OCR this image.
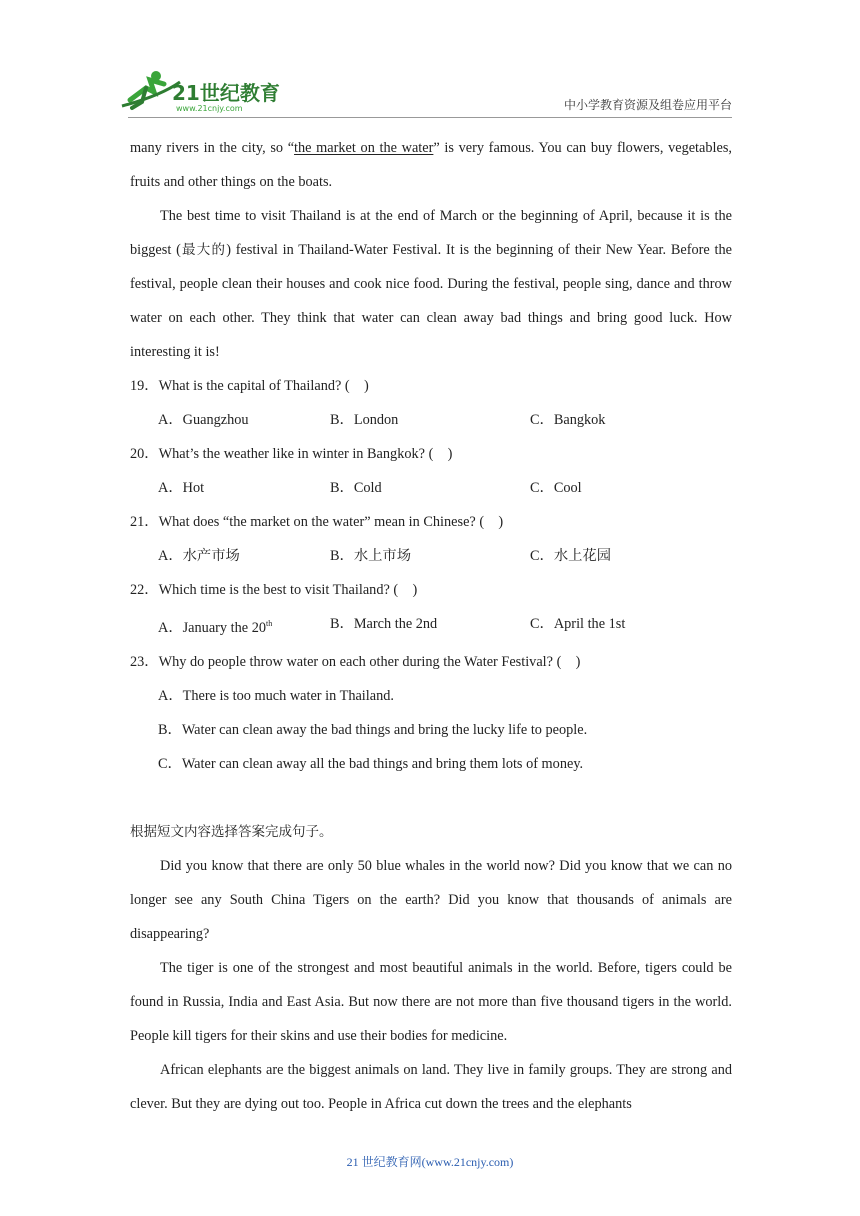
21世纪教育
www.21cnjy.com	中小学教育资源及组卷应用平台

many rivers in the city, so “the market on the water” is very famous. You can buy flowers, vegetables, fruits and other things on the boats.

The best time to visit Thailand is at the end of March or the beginning of April, because it is the biggest (最大的) festival in Thailand-Water Festival. It is the beginning of their New Year. Before the festival, people clean their houses and cook nice food. During the festival, people sing, dance and throw water on each other. They think that water can clean away bad things and bring good luck. How interesting it is!

19．What is the capital of Thailand? (　)

A．Guangzhou	B．London	C．Bangkok

20．What’s the weather like in winter in Bangkok? (　)

A．Hot	B．Cold	C．Cool

21．What does “the market on the water” mean in Chinese? (　)

A．水产市场	B．水上市场	C．水上花园

22．Which time is the best to visit Thailand? (　)

A．January the 20th	B．March the 2nd	C．April the 1st

23．Why do people throw water on each other during the Water Festival? (　)

A．There is too much water in Thailand.

B．Water can clean away the bad things and bring the lucky life to people.

C．Water can clean away all the bad things and bring them lots of money.

根据短文内容选择答案完成句子。

Did you know that there are only 50 blue whales in the world now? Did you know that we can no longer see any South China Tigers on the earth? Did you know that thousands of animals are disappearing?

The tiger is one of the strongest and most beautiful animals in the world. Before, tigers could be found in Russia, India and East Asia. But now there are not more than five thousand tigers in the world. People kill tigers for their skins and use their bodies for medicine.

African elephants are the biggest animals on land. They live in family groups. They are strong and clever. But they are dying out too. People in Africa cut down the trees and the elephants

21 世纪教育网(www.21cnjy.com)
